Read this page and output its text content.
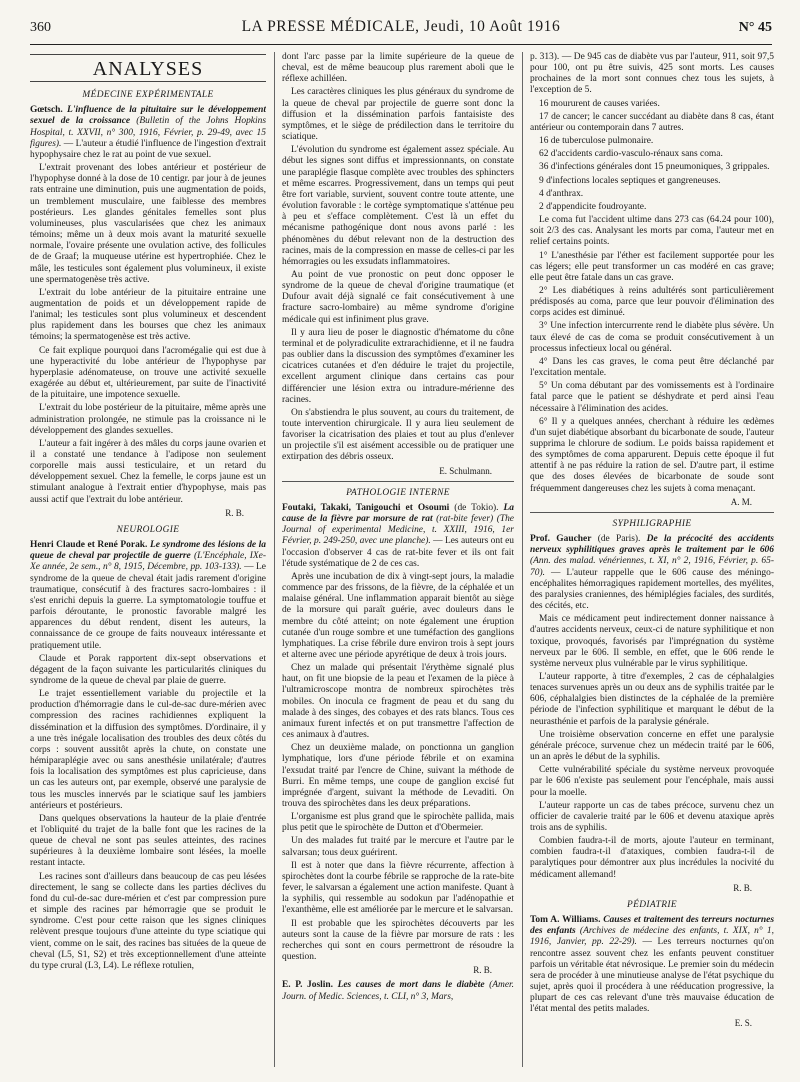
360	LA PRESSE MÉDICALE, Jeudi, 10 Août 1916	N° 45
ANALYSES
MÉDECINE EXPÉRIMENTALE

Gœtsch. L'influence de la pituitaire sur le développement sexuel de la croissance (Bulletin of the Johns Hopkins Hospital, t. XXVII, n° 300, 1916, Février, p. 29-49, avec 15 figures). — L'auteur a étudié l'influence de l'ingestion d'extrait hypophysaire chez le rat au point de vue sexuel.

L'extrait provenant des lobes antérieur et postérieur de l'hypophyse donné à la dose de 10 centigr. par jour à de jeunes rats entraine une diminution, puis une augmentation de poids, un tremblement musculaire, une faiblesse des membres postérieurs. Les glandes génitales femelles sont plus volumineuses, plus vascularisées que chez les animaux témoins; même un à deux mois avant la maturité sexuelle normale, l'ovaire présente une ovulation active, des follicules de de Graaf; la muqueuse utérine est hypertrophiée. Chez le mâle, les testicules sont également plus volumineux, il existe une spermatogenèse très active.

L'extrait du lobe antérieur de la pituitaire entraine une augmentation de poids et un développement rapide de l'animal; les testicules sont plus volumineux et descendent plus rapidement dans les bourses que chez les animaux témoins; la spermatogenèse est très active.

Ce fait explique pourquoi dans l'acromégalie qui est due à une hyperactivité du lobe antérieur de l'hypophyse par hyperplasie adénomateuse, on trouve une activité sexuelle exagérée au début et, ultérieurement, par suite de l'inactivité de la pituitaire, une impotence sexuelle.

L'extrait du lobe postérieur de la pituitaire, même après une administration prolongée, ne stimule pas la croissance ni le développement des glandes sexuelles.

L'auteur a fait ingérer à des mâles du corps jaune ovarien et il a constaté une tendance à l'adipose non seulement corporelle mais aussi testiculaire, et un retard du développement sexuel. Chez la femelle, le corps jaune est un stimulant analogue à l'extrait entier d'hypophyse, mais pas aussi actif que l'extrait du lobe antérieur.

R. B.
NEUROLOGIE

Henri Claude et René Porak. Le syndrome des lésions de la queue de cheval par projectile de guerre (L'Encéphale, IXe-Xe année, 2e sem., n° 8, 1915, Décembre, pp. 103-133). — Le syndrome de la queue de cheval était jadis rarement d'origine traumatique, consécutif à des fractures sacro-lombaires : il s'est enrichi depuis la guerre. La symptomatologie touffue et parfois déroutante, le pronostic favorable malgré les apparences du début rendent, disent les auteurs, la connaissance de ce groupe de faits nouveaux intéressante et pratiquement utile.

Claude et Porak rapportent dix-sept observations et dégagent de la façon suivante les particularités cliniques du syndrome de la queue de cheval par plaie de guerre.

Le trajet essentiellement variable du projectile et la production d'hémorragie dans le cul-de-sac dure-mérien avec compression des racines rachidiennes expliquent la dissémination et la diffusion des symptômes. D'ordinaire, il y a une très inégale localisation des troubles des deux côtés du corps : souvent aussitôt après la chute, on constate une hémiparaplégie avec ou sans anesthésie unilatérale; d'autres fois la localisation des symptômes est plus capricieuse, dans un cas les auteurs ont, par exemple, observé une paralysie de tous les muscles innervés par le sciatique sauf les jambiers antérieurs et postérieurs.

Dans quelques observations la hauteur de la plaie d'entrée et l'obliquité du trajet de la balle font que les racines de la queue de cheval ne sont pas seules atteintes, des racines supérieures à la deuxième lombaire sont lésées, la moelle restant intacte.

Les racines sont d'ailleurs dans beaucoup de cas peu lésées directement, le sang se collecte dans les parties déclives du fond du cul-de-sac dure-mérien et c'est par compression pure et simple des racines par hémorragie que se produit le syndrome. C'est pour cette raison que les signes cliniques relèvent presque toujours d'une atteinte du type sciatique qui vient, comme on le sait, des racines bas situées de la queue de cheval (L5, S1, S2) et très exceptionnellement d'une atteinte du type crural (L3, L4). Le réflexe rotulien,

dont l'arc passe par la limite supérieure de la queue de cheval, est de même beaucoup plus rarement aboli que le réflexe achilléen.

Les caractères cliniques les plus généraux du syndrome de la queue de cheval par projectile de guerre sont donc la diffusion et la dissémination parfois fantaisiste des symptômes, et le siège de prédilection dans le territoire du sciatique.

L'évolution du syndrome est également assez spéciale. Au début les signes sont diffus et impressionnants, on constate une paraplégie flasque complète avec troubles des sphincters et même escarres. Progressivement, dans un temps qui peut être fort variable, survient, souvent contre toute attente, une évolution favorable : le cortège symptomatique s'atténue peu à peu et s'efface complètement. C'est là un effet du mécanisme pathogénique dont nous avons parlé : les phénomènes du début relevant non de la destruction des racines, mais de la compression en masse de celles-ci par les hémorragies ou les exsudats inflammatoires.

Au point de vue pronostic on peut donc opposer le syndrome de la queue de cheval d'origine traumatique (et Dufour avait déjà signalé ce fait consécutivement à une fracture sacro-lombaire) au même syndrome d'origine médicale qui est infiniment plus grave.

Il y aura lieu de poser le diagnostic d'hématome du cône terminal et de polyradiculite extrarachidienne, et il ne faudra pas oublier dans la discussion des symptômes d'examiner les cicatrices cutanées et d'en déduire le trajet du projectile, excellent argument clinique dans certains cas pour différencier une lésion extra ou intradure-mérienne des racines.

On s'abstiendra le plus souvent, au cours du traitement, de toute intervention chirurgicale. Il y aura lieu seulement de favoriser la cicatrisation des plaies et tout au plus d'enlever un projectile s'il est aisément accessible ou de pratiquer une extirpation des débris osseux.

E. Schulmann.
PATHOLOGIE INTERNE

Foutaki, Takaki, Tanigouchi et Osoumi (de Tokio). La cause de la fièvre par morsure de rat (rat-bite fever) (The Journal of experimental Medicine, t. XXIII, 1916, 1er Février, p. 249-250, avec une planche). — Les auteurs ont eu l'occasion d'observer 4 cas de rat-bite fever et ils ont fait l'étude systématique de 2 de ces cas.

Après une incubation de dix à vingt-sept jours, la maladie commence par des frissons, de la fièvre, de la céphalée et un malaise général. Une inflammation apparait bientôt au siège de la morsure qui paraît guérie, avec douleurs dans le membre du côté atteint; on note également une éruption cutanée d'un rouge sombre et une tuméfaction des ganglions lymphatiques. La crise fébrile dure environ trois à sept jours et alterne avec une période apyrétique de deux à trois jours.

Chez un malade qui présentait l'érythème signalé plus haut, on fit une biopsie de la peau et l'examen de la pièce à l'ultramicroscope montra de nombreux spirochètes très mobiles. On inocula ce fragment de peau et du sang du malade à des singes, des cobayes et des rats blancs. Tous ces animaux furent infectés et on put transmettre l'affection de ces animaux à d'autres.

Chez un deuxième malade, on ponctionna un ganglion lymphatique, lors d'une période fébrile et on examina l'exsudat traité par l'encre de Chine, suivant la méthode de Burri. En même temps, une coupe de ganglion excisé fut imprégnée d'argent, suivant la méthode de Levaditi. On trouva des spirochètes dans les deux préparations.

L'organisme est plus grand que le spirochète pallida, mais plus petit que le spirochète de Dutton et d'Obermeier.

Un des malades fut traité par le mercure et l'autre par le salvarsan; tous deux guérirent.

Il est à noter que dans la fièvre récurrente, affection à spirochètes dont la courbe fébrile se rapproche de la rate-bite fever, le salvarsan a également une action manifeste. Quant à la syphilis, qui ressemble au sodokun par l'adénopathie et l'exanthème, elle est améliorée par le mercure et le salvarsan.

Il est probable que les spirochètes découverts par les auteurs sont la cause de la fièvre par morsure de rats : les recherches qui sont en cours permettront de résoudre la question.

R. B.

E. P. Joslin. Les causes de mort dans le diabète (Amer. Journ. of Medic. Sciences, t. CLI, n° 3, Mars,

p. 313). — De 945 cas de diabète vus par l'auteur, 911, soit 97,5 pour 100, ont pu être suivis, 425 sont morts. Les causes prochaines de la mort sont connues chez tous les sujets, à l'exception de 5.

16 moururent de causes variées.

17 de cancer; le cancer succédant au diabète dans 8 cas, étant antérieur ou contemporain dans 7 autres.

16 de tuberculose pulmonaire.

62 d'accidents cardio-vasculo-rénaux sans coma.

36 d'infections générales dont 15 pneumoniques, 3 grippales.

9 d'infections locales septiques et gangreneuses.

4 d'anthrax.

2 d'appendicite foudroyante.

Le coma fut l'accident ultime dans 273 cas (64.24 pour 100), soit 2/3 des cas. Analysant les morts par coma, l'auteur met en relief certains points.

1° L'anesthésie par l'éther est facilement supportée pour les cas légers; elle peut transformer un cas modéré en cas grave; elle peut être fatale dans un cas grave.

2° Les diabétiques à reins adultérés sont particulièrement prédisposés au coma, parce que leur pouvoir d'élimination des corps acides est diminué.

3° Une infection intercurrente rend le diabète plus sévère. Un taux élevé de cas de coma se produit consécutivement à un processus infectieux local ou général.

4° Dans les cas graves, le coma peut être déclanché par l'excitation mentale.

5° Un coma débutant par des vomissements est à l'ordinaire fatal parce que le patient se déshydrate et perd ainsi l'eau nécessaire à l'élimination des acides.

6° Il y a quelques années, cherchant à réduire les œdèmes d'un sujet diabétique absorbant du bicarbonate de soude, l'auteur supprima le chlorure de sodium. Le poids baissa rapidement et des symptômes de coma apparurent. Depuis cette époque il fut attentif à ne pas réduire la ration de sel. D'autre part, il estime que des doses élevées de bicarbonate de soude sont fréquemment dangereuses chez les sujets à coma menaçant.

A. M.
SYPHILIGRAPHIE

Prof. Gaucher (de Paris). De la précocité des accidents nerveux syphilitiques graves après le traitement par le 606 (Ann. des malad. vénériennes, t. XI, n° 2, 1916, Février, p. 65-70). — L'auteur rappelle que le 606 cause des méningo-encéphalites hémorragiques rapidement mortelles, des myélites, des paralysies craniennes, des hémiplégies faciales, des surdités, des cécités, etc.

Mais ce médicament peut indirectement donner naissance à d'autres accidents nerveux, ceux-ci de nature syphilitique et non toxique, provoqués, favorisés par l'imprégnation du système nerveux par le 606. Il semble, en effet, que le 606 rende le système nerveux plus vulnérable par le virus syphilitique.

L'auteur rapporte, à titre d'exemples, 2 cas de céphalalgies tenaces survenues après un ou deux ans de syphilis traitée par le 606, céphalalgies bien distinctes de la céphalée de la première période de l'infection syphilitique et marquant le début de la neurasthénie et parfois de la paralysie générale.

Une troisième observation concerne en effet une paralysie générale précoce, survenue chez un médecin traité par le 606, un an après le début de la syphilis.

Cette vulnérabilité spéciale du système nerveux provoquée par le 606 n'existe pas seulement pour l'encéphale, mais aussi pour la moelle.

L'auteur rapporte un cas de tabes précoce, survenu chez un officier de cavalerie traité par le 606 et devenu ataxique après trois ans de syphilis.

Combien faudra-t-il de morts, ajoute l'auteur en terminant, combien faudra-t-il d'ataxiques, combien faudra-t-il de paralytiques pour démontrer aux plus incrédules la nocivité du médicament allemand!

R. B.
PÉDIATRIE

Tom A. Williams. Causes et traitement des terreurs nocturnes des enfants (Archives de médecine des enfants, t. XIX, n° 1, 1916, Janvier, pp. 22-29). — Les terreurs nocturnes qu'on rencontre assez souvent chez les enfants peuvent constituer parfois un véritable état névrosique. Le premier soin du médecin sera de procéder à une minutieuse analyse de l'état psychique du sujet, après quoi il procédera à une rééducation progressive, la plupart de ces cas relevant d'une très mauvaise éducation de l'état mental des petits malades.

E. S.
